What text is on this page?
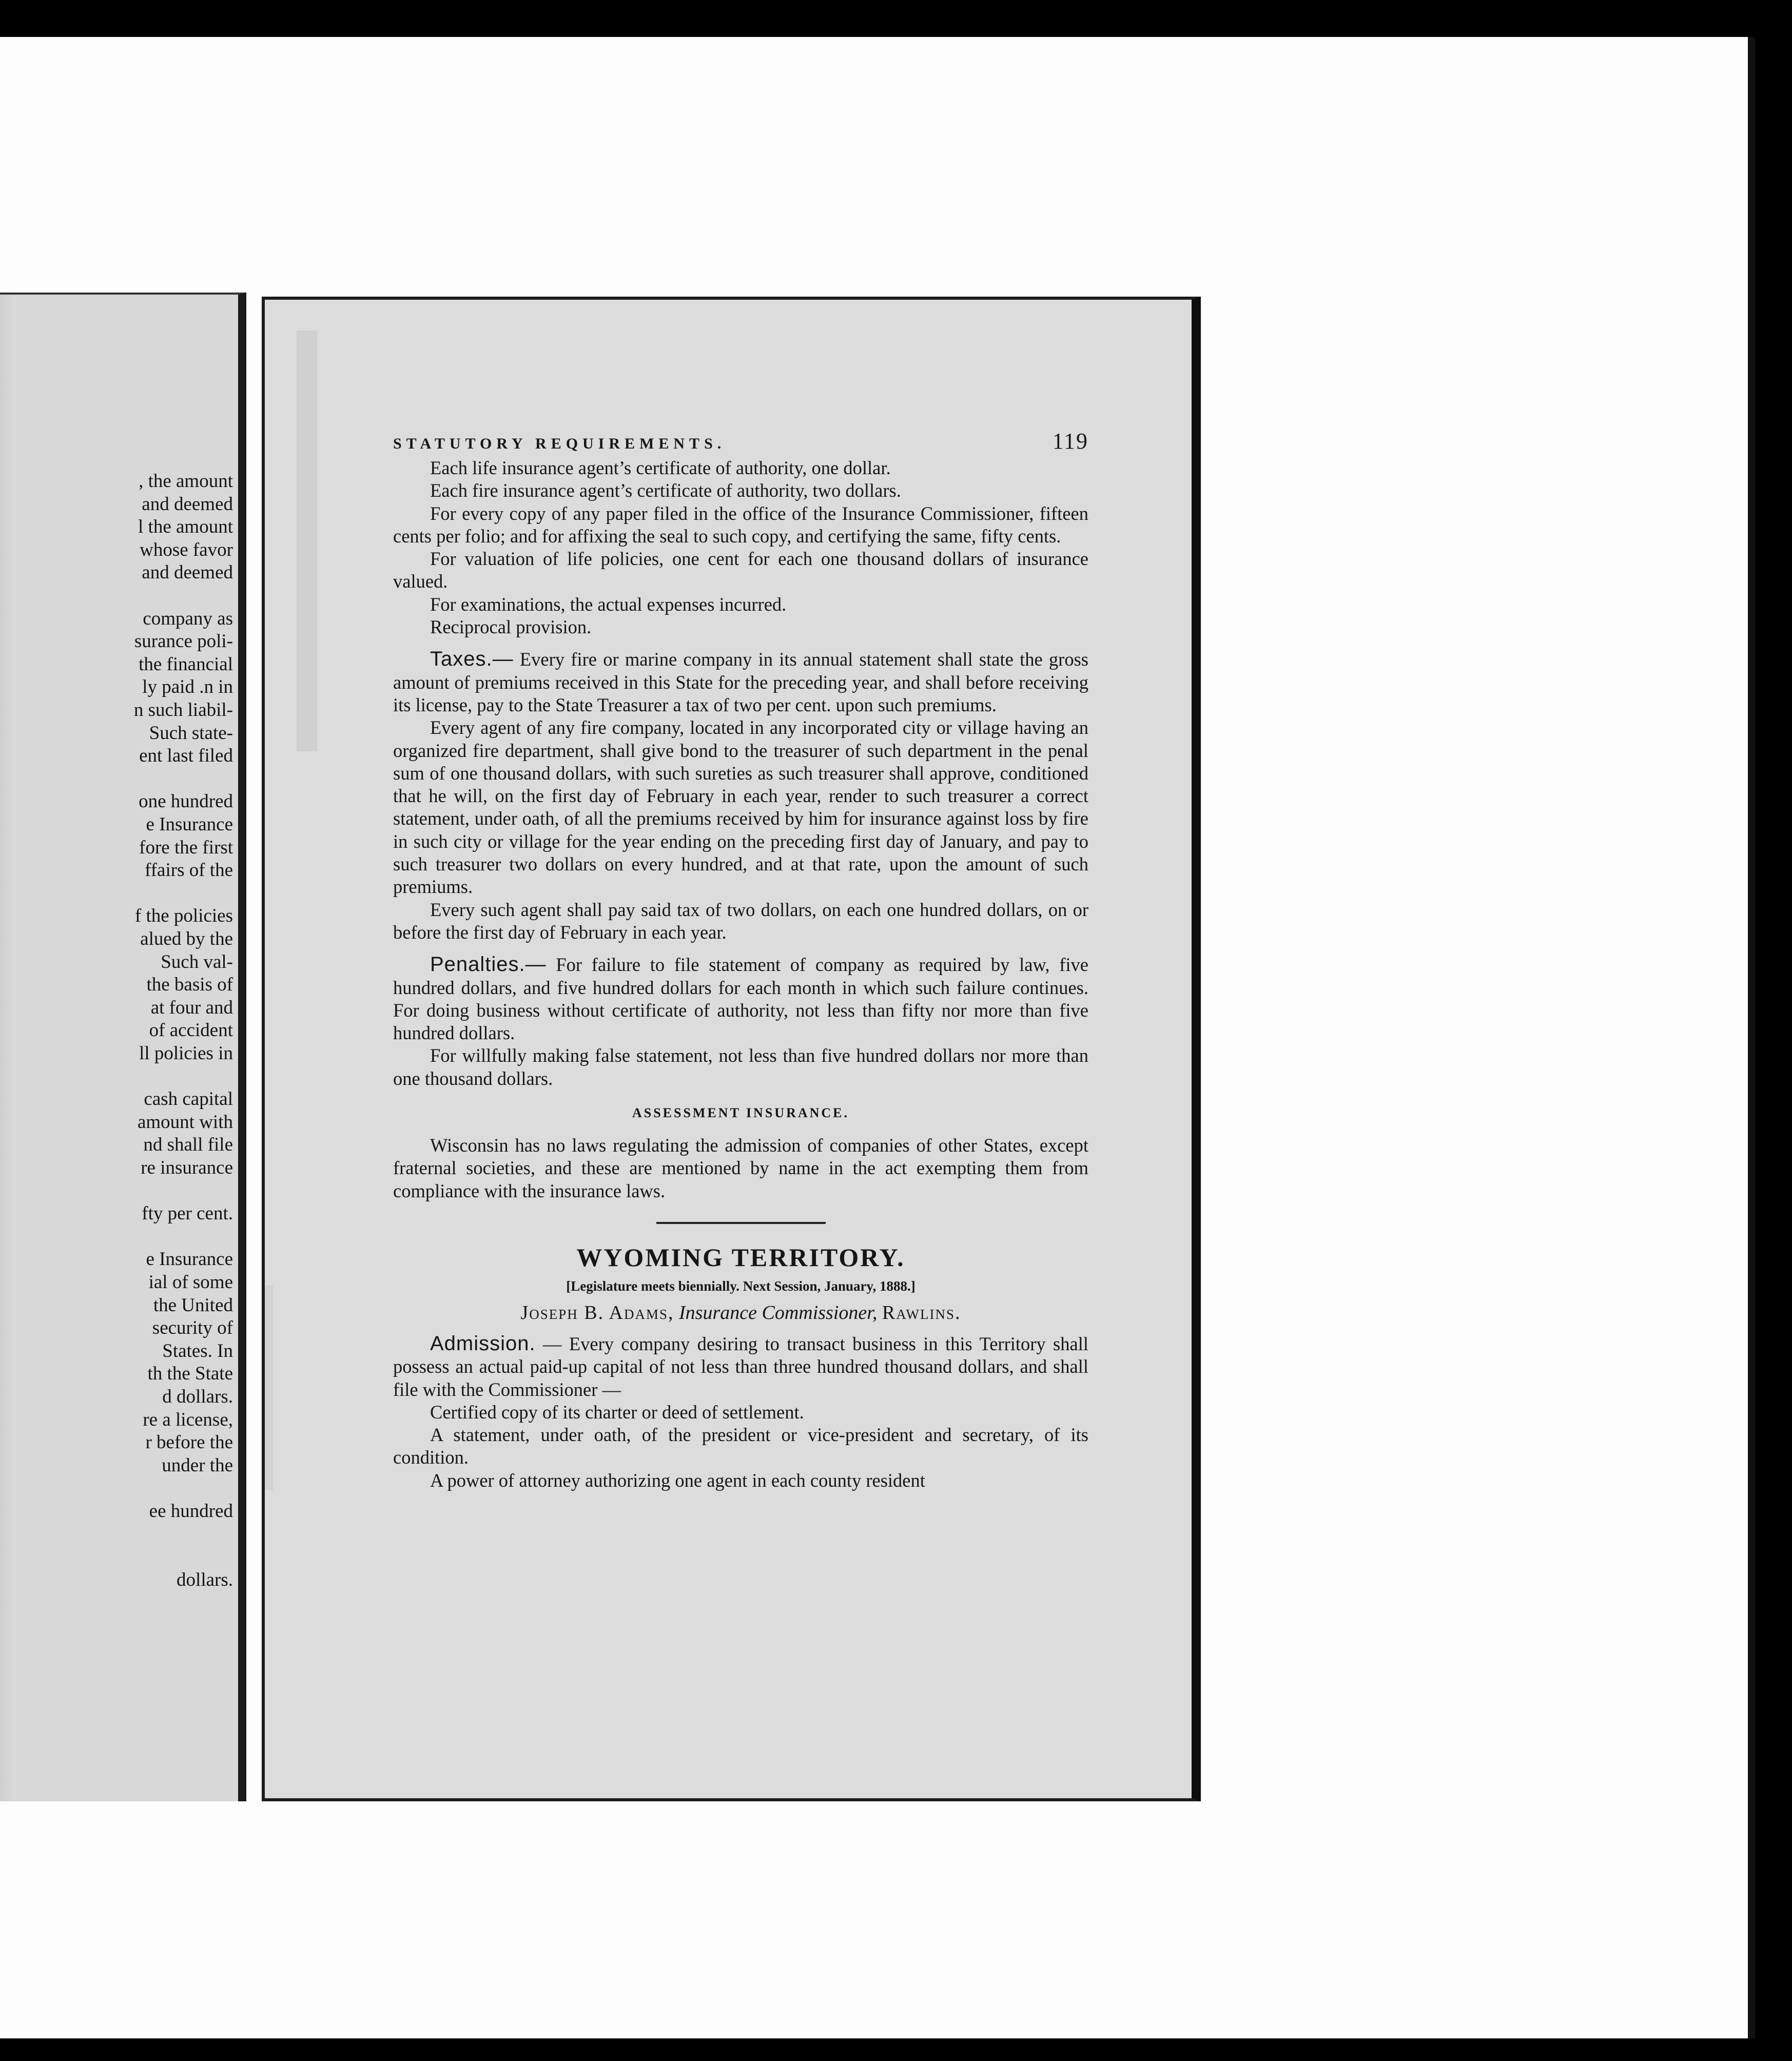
, the amount
and deemed
l the amount
whose favor
and deemed
company as
surance poli-
the financial
ly paid .n in
n such liabil-
Such state-
ent last filed
one hundred
e Insurance
fore the first
ffairs of the
f the policies
alued by the
Such val-
the basis of
at four and
of accident
ll policies in
cash capital
amount with
nd shall file
re insurance
fty per cent.
e Insurance
ial of some
the United
security of
States. In
th the State
d dollars.
re a license,
r before the
under the
ee hundred
dollars.
STATUTORY REQUIREMENTS.	119

Each life insurance agent’s certificate of authority, one dollar.

Each fire insurance agent’s certificate of authority, two dollars.

For every copy of any paper filed in the office of the Insurance Commissioner, fifteen cents per folio; and for affixing the seal to such copy, and certifying the same, fifty cents.

For valuation of life policies, one cent for each one thousand dollars of insurance valued.

For examinations, the actual expenses incurred.

Reciprocal provision.

Taxes.— Every fire or marine company in its annual statement shall state the gross amount of premiums received in this State for the preceding year, and shall before receiving its license, pay to the State Treasurer a tax of two per cent. upon such premiums.

Every agent of any fire company, located in any incorporated city or village having an organized fire department, shall give bond to the treasurer of such department in the penal sum of one thousand dollars, with such sureties as such treasurer shall approve, conditioned that he will, on the first day of February in each year, render to such treasurer a correct statement, under oath, of all the premiums received by him for insurance against loss by fire in such city or village for the year ending on the preceding first day of January, and pay to such treasurer two dollars on every hundred, and at that rate, upon the amount of such premiums.

Every such agent shall pay said tax of two dollars, on each one hundred dollars, on or before the first day of February in each year.

Penalties.— For failure to file statement of company as required by law, five hundred dollars, and five hundred dollars for each month in which such failure continues. For doing business without certificate of authority, not less than fifty nor more than five hundred dollars.

For willfully making false statement, not less than five hundred dollars nor more than one thousand dollars.

ASSESSMENT INSURANCE.

Wisconsin has no laws regulating the admission of companies of other States, except fraternal societies, and these are mentioned by name in the act exempting them from compliance with the insurance laws.

WYOMING TERRITORY.
[Legislature meets biennially. Next Session, January, 1888.]
Joseph B. Adams, Insurance Commissioner, Rawlins.

Admission. — Every company desiring to transact business in this Territory shall possess an actual paid-up capital of not less than three hundred thousand dollars, and shall file with the Commissioner —

Certified copy of its charter or deed of settlement.

A statement, under oath, of the president or vice-president and secretary, of its condition.

A power of attorney authorizing one agent in each county resident
